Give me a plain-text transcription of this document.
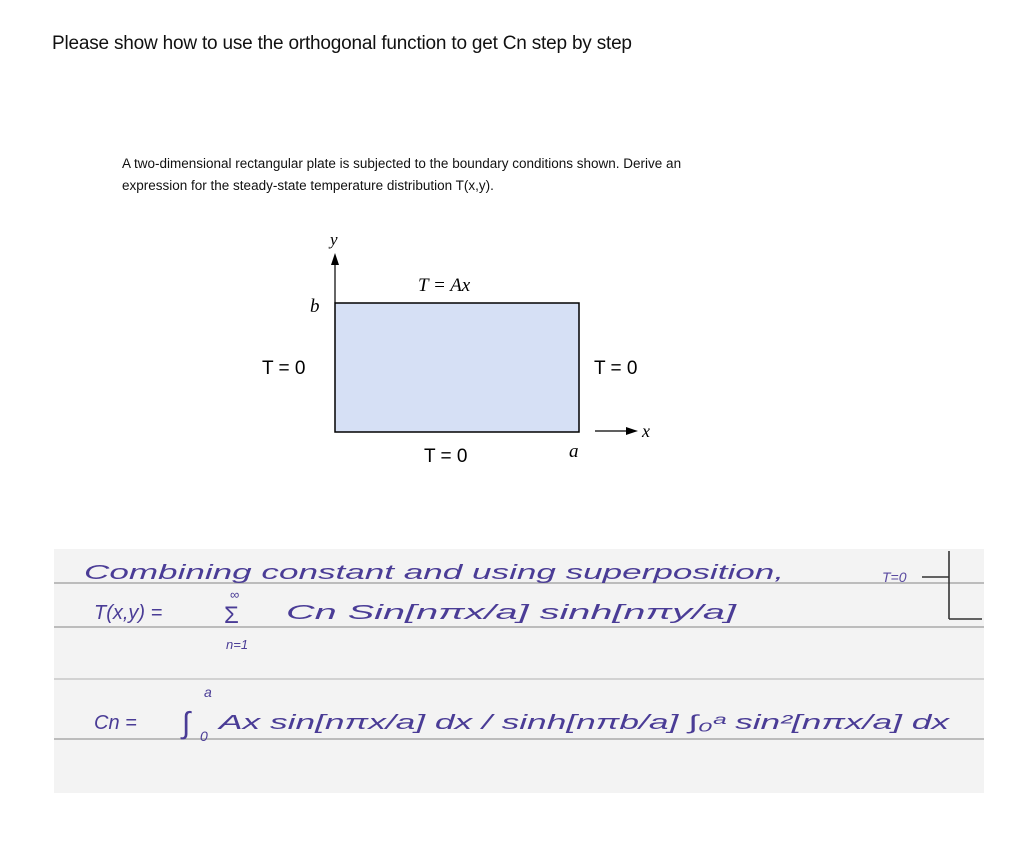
Please show how to use the orthogonal function to get Cn step by step
A two-dimensional rectangular plate is subjected to the boundary conditions shown. Derive an
expression for the steady-state temperature distribution T(x,y).
y
T = Ax
b
T = 0	T = 0
T = 0	a
x
T=0
Combining constant and using superposition,
T(x,y) =
∞
Σ
n=1
Cn Sin[nπx/a] sinh[nπy/a]
Cn =
a
∫ 0
Ax sin[nπx/a] dx / sinh[nπb/a] ∫₀ᵃ sin²[nπx/a] dx
